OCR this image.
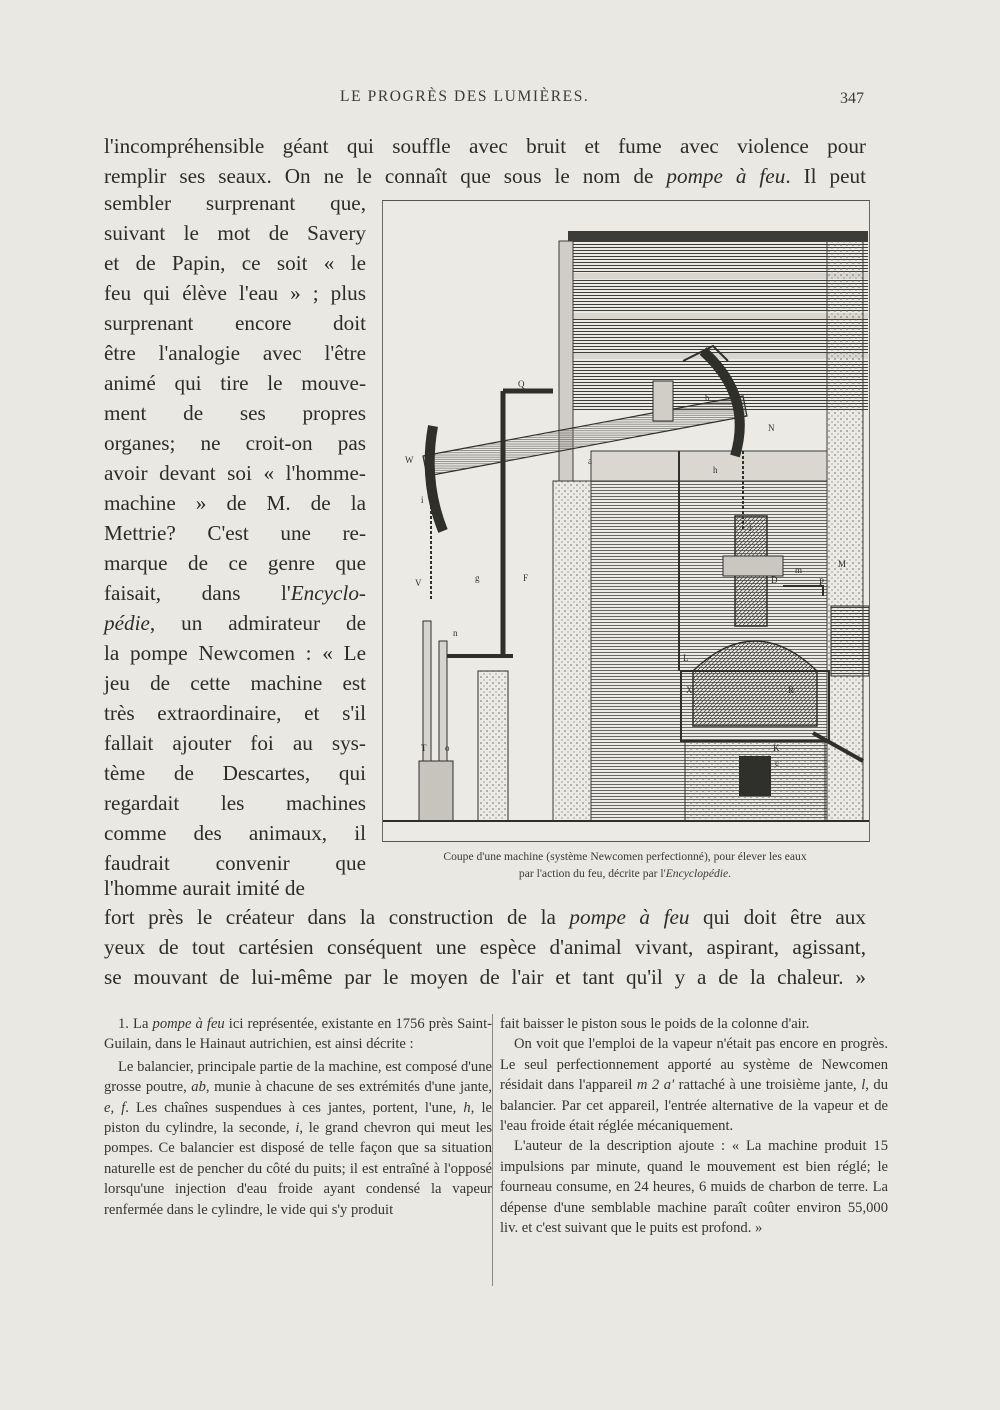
LE PROGRÈS DES LUMIÈRES.	347
l'incompréhensible géant qui souffle avec bruit et fume avec violence pour
remplir ses seaux. On ne le connaît que sous le nom de pompe à feu. Il peut
sembler surprenant que,
suivant le mot de Savery
et de Papin, ce soit « le
feu qui élève l'eau » ; plus
surprenant encore doit
être l'analogie avec l'être
animé qui tire le mouve-
ment de ses propres
organes; ne croit-on pas
avoir devant soi « l'homme-
machine » de M. de la
Mettrie? C'est une re-
marque de ce genre que
faisait, dans l'Encyclo-
pédie, un admirateur de
la pompe Newcomen : « Le
jeu de cette machine est
très extraordinaire, et s'il
fallait ajouter foi au sys-
tème de Descartes, qui
regardait les machines
comme des animaux, il
faudrait convenir que
l'homme aurait imité de
Q
i
h
b
a
N
M
W
n
g	F
V
K
X	R
c
l
P
m
L
o
T
D
Coupe d'une machine (système Newcomen perfectionné), pour élever les eaux
par l'action du feu, décrite par l'Encyclopédie.
fort près le créateur dans la construction de la pompe à feu qui doit être aux
yeux de tout cartésien conséquent une espèce d'animal vivant, aspirant, agissant,
se mouvant de lui-même par le moyen de l'air et tant qu'il y a de la chaleur. »

1. La pompe à feu ici représentée, existante en 1756 près Saint-Guilain, dans le Hainaut autrichien, est ainsi décrite :

Le balancier, principale partie de la machine, est composé d'une grosse poutre, ab, munie à chacune de ses extrémités d'une jante, e, f. Les chaînes suspendues à ces jantes, portent, l'une, h, le piston du cylindre, la seconde, i, le grand chevron qui meut les pompes. Ce balancier est disposé de telle façon que sa situation naturelle est de pencher du côté du puits; il est entraîné à l'opposé lorsqu'une injection d'eau froide ayant condensé la vapeur renfermée dans le cylindre, le vide qui s'y produit

fait baisser le piston sous le poids de la colonne d'air.

On voit que l'emploi de la vapeur n'était pas encore en progrès. Le seul perfectionnement apporté au système de Newcomen résidait dans l'appareil m 2 a' rattaché à une troisième jante, l, du balancier. Par cet appareil, l'entrée alternative de la vapeur et de l'eau froide était réglée mécaniquement.

L'auteur de la description ajoute : « La machine produit 15 impulsions par minute, quand le mouvement est bien réglé; le fourneau consume, en 24 heures, 6 muids de charbon de terre. La dépense d'une semblable machine paraît coûter environ 55,000 liv. et c'est suivant que le puits est profond. »
